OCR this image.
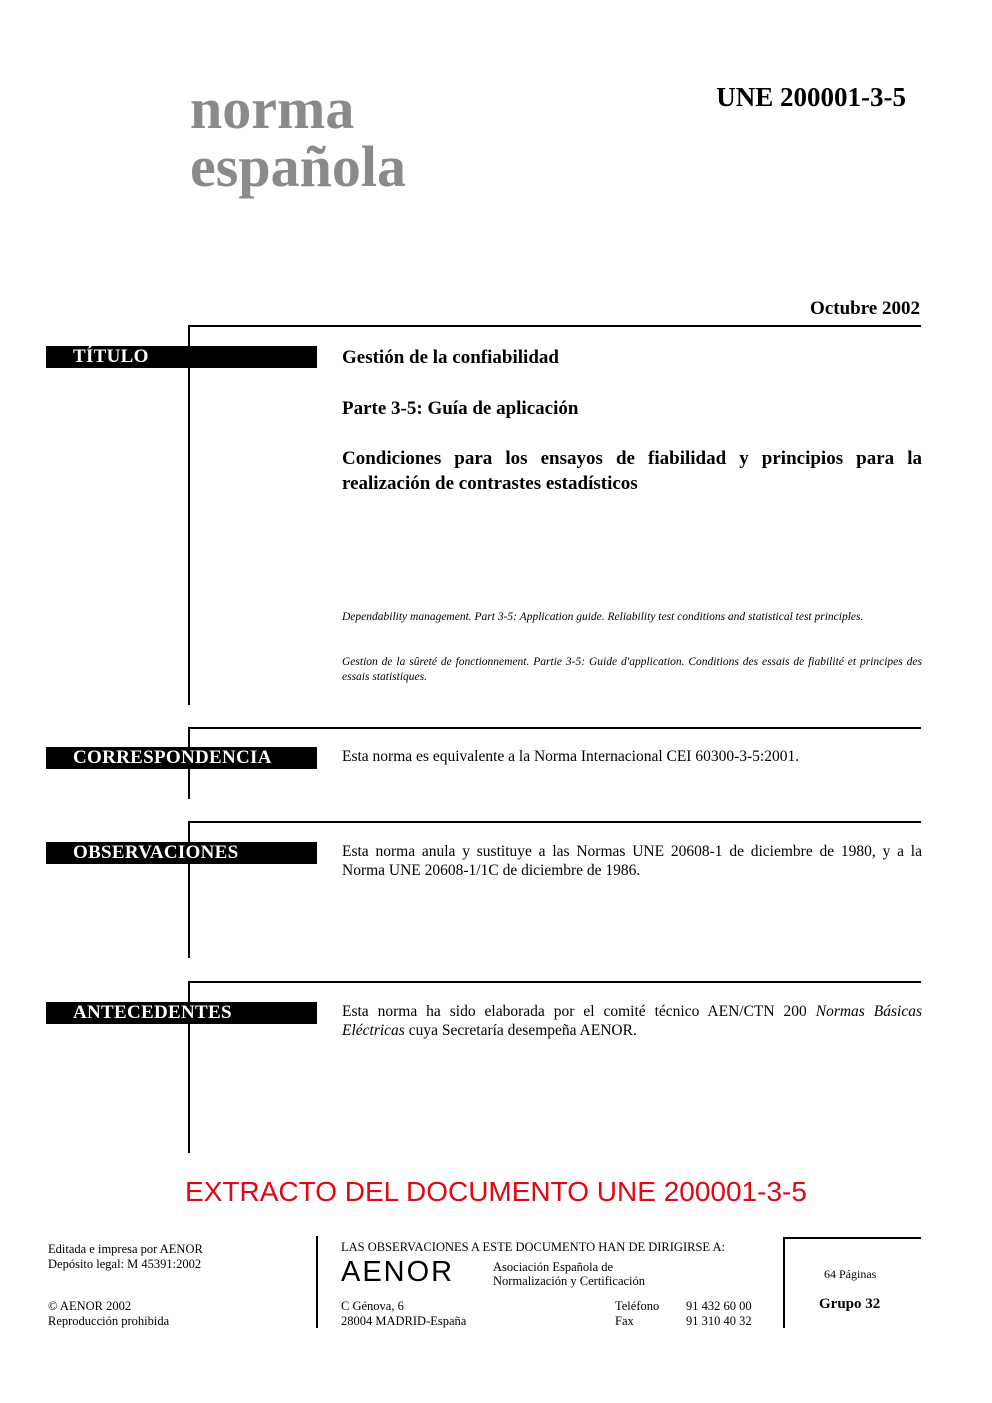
norma
española
UNE 200001-3-5
Octubre 2002
TÍTULO	Gestión de la confiabilidad
Parte 3-5: Guía de aplicación
Condiciones para los ensayos de fiabilidad y principios para la realización de contrastes estadísticos
Dependability management. Part 3-5: Application guide. Reliability test conditions and statistical test principles.
Gestion de la sûreté de fonctionnement. Partie 3-5: Guide d'application. Conditions des essais de fiabilité et principes des essais statistiques.
CORRESPONDENCIA	Esta norma es equivalente a la Norma Internacional CEI 60300-3-5:2001.
OBSERVACIONES	Esta norma anula y sustituye a las Normas UNE 20608-1 de diciembre de 1980, y a la Norma UNE 20608-1/1C de diciembre de 1986.
ANTECEDENTES	Esta norma ha sido elaborada por el comité técnico AEN/CTN 200 Normas Básicas Eléctricas cuya Secretaría desempeña AENOR.
EXTRACTO DEL DOCUMENTO UNE 200001-3-5
Editada e impresa por AENOR
Depósito legal: M 45391:2002
© AENOR 2002
Reproducción prohibida
LAS OBSERVACIONES A ESTE DOCUMENTO HAN DE DIRIGIRSE A:
AENOR	Asociación Española de
Normalización y Certificación
C Génova, 6
28004 MADRID-España
Teléfono 91 432 60 00
Fax	91 310 40 32
64 Páginas
Grupo 32
